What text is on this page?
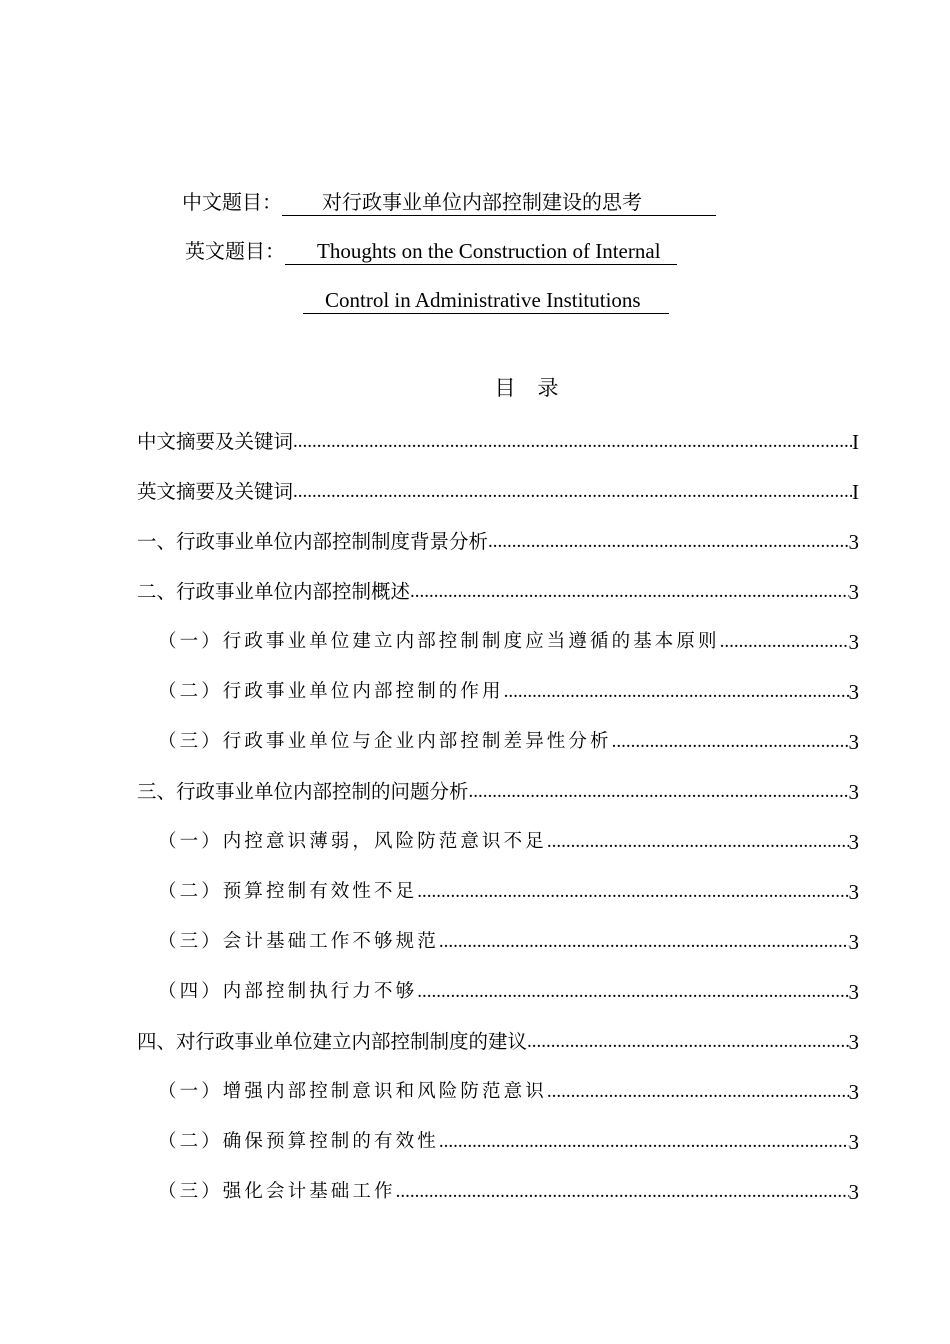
中文题目： 对行政事业单位内部控制建设的思考
英文题目： Thoughts on the Construction of Internal
Control in Administrative Institutions
目录
中文摘要及关键词 .....	I
英文摘要及关键词 .....	I
一、行政事业单位内部控制制度背景分析 .....	3
二、行政事业单位内部控制概述 .....	3
（一）行政事业单位建立内部控制制度应当遵循的基本原则 .....	3
（二）行政事业单位内部控制的作用 .....	3
（三）行政事业单位与企业内部控制差异性分析 .....	3
三、行政事业单位内部控制的问题分析 .....	3
（一）内控意识薄弱，风险防范意识不足 .....	3
（二）预算控制有效性不足 .....	3
（三）会计基础工作不够规范 .....	3
（四）内部控制执行力不够 .....	3
四、对行政事业单位建立内部控制制度的建议 .....	3
（一）增强内部控制意识和风险防范意识 .....	3
（二）确保预算控制的有效性 .....	3
（三）强化会计基础工作 .....	3
